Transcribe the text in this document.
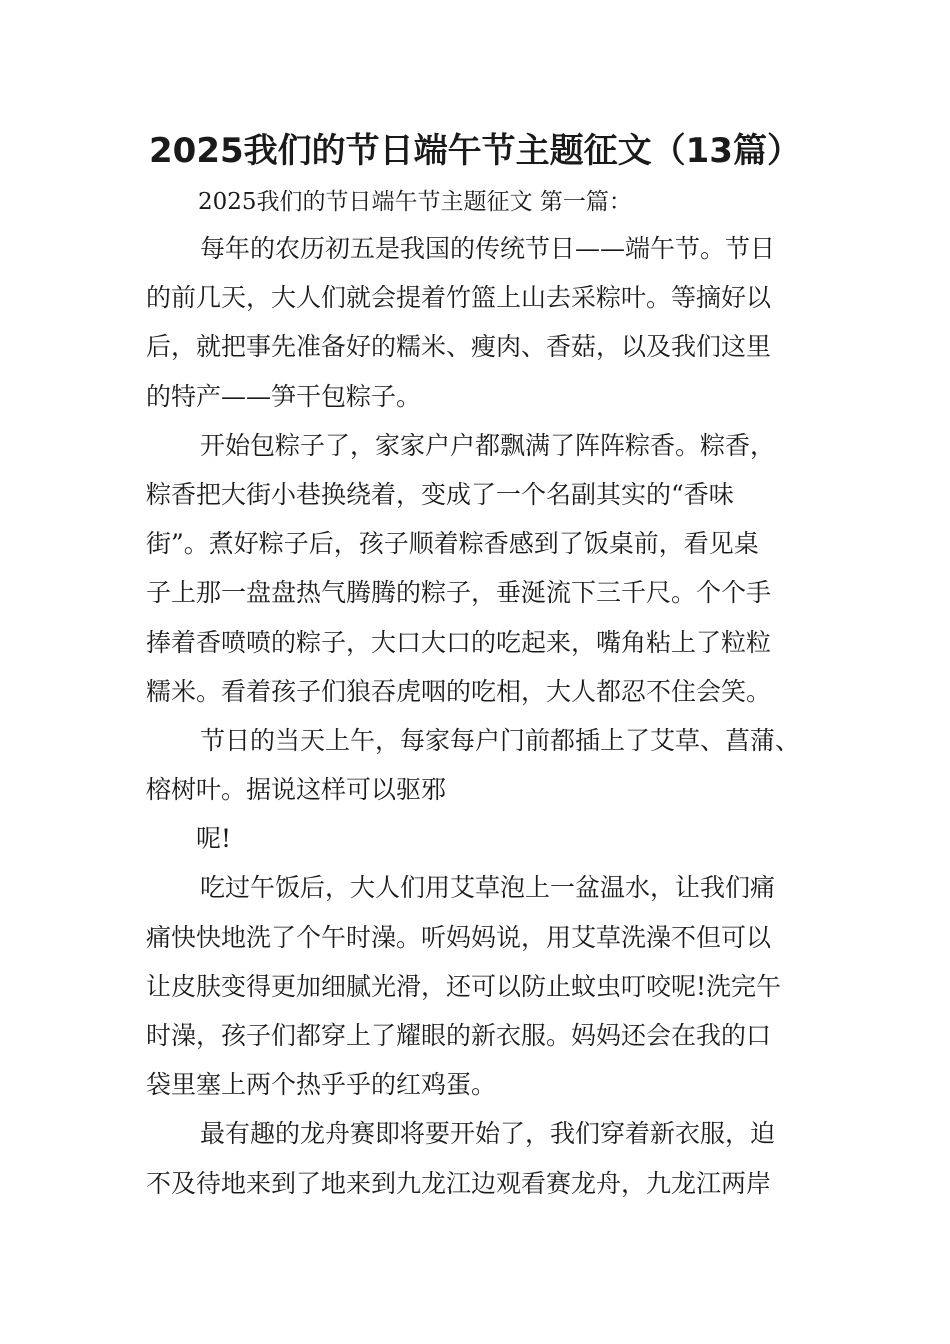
2025我们的节日端午节主题征文（13篇）
2025我们的节日端午节主题征文 第一篇：
每年的农历初五是我国的传统节日——端午节。节日
的前几天，大人们就会提着竹篮上山去采粽叶。等摘好以
后，就把事先准备好的糯米、瘦肉、香菇，以及我们这里
的特产——笋干包粽子。
开始包粽子了，家家户户都飘满了阵阵粽香。粽香，
粽香把大街小巷换绕着，变成了一个名副其实的“香味
街”。煮好粽子后，孩子顺着粽香感到了饭桌前，看见桌
子上那一盘盘热气腾腾的粽子，垂涎流下三千尺。个个手
捧着香喷喷的粽子，大口大口的吃起来，嘴角粘上了粒粒
糯米。看着孩子们狼吞虎咽的吃相，大人都忍不住会笑。
节日的当天上午，每家每户门前都插上了艾草、菖蒲、
榕树叶。据说这样可以驱邪
呢!
吃过午饭后，大人们用艾草泡上一盆温水，让我们痛
痛快快地洗了个午时澡。听妈妈说，用艾草洗澡不但可以
让皮肤变得更加细腻光滑，还可以防止蚊虫叮咬呢!洗完午
时澡，孩子们都穿上了耀眼的新衣服。妈妈还会在我的口
袋里塞上两个热乎乎的红鸡蛋。
最有趣的龙舟赛即将要开始了，我们穿着新衣服，迫
不及待地来到了地来到九龙江边观看赛龙舟，九龙江两岸
